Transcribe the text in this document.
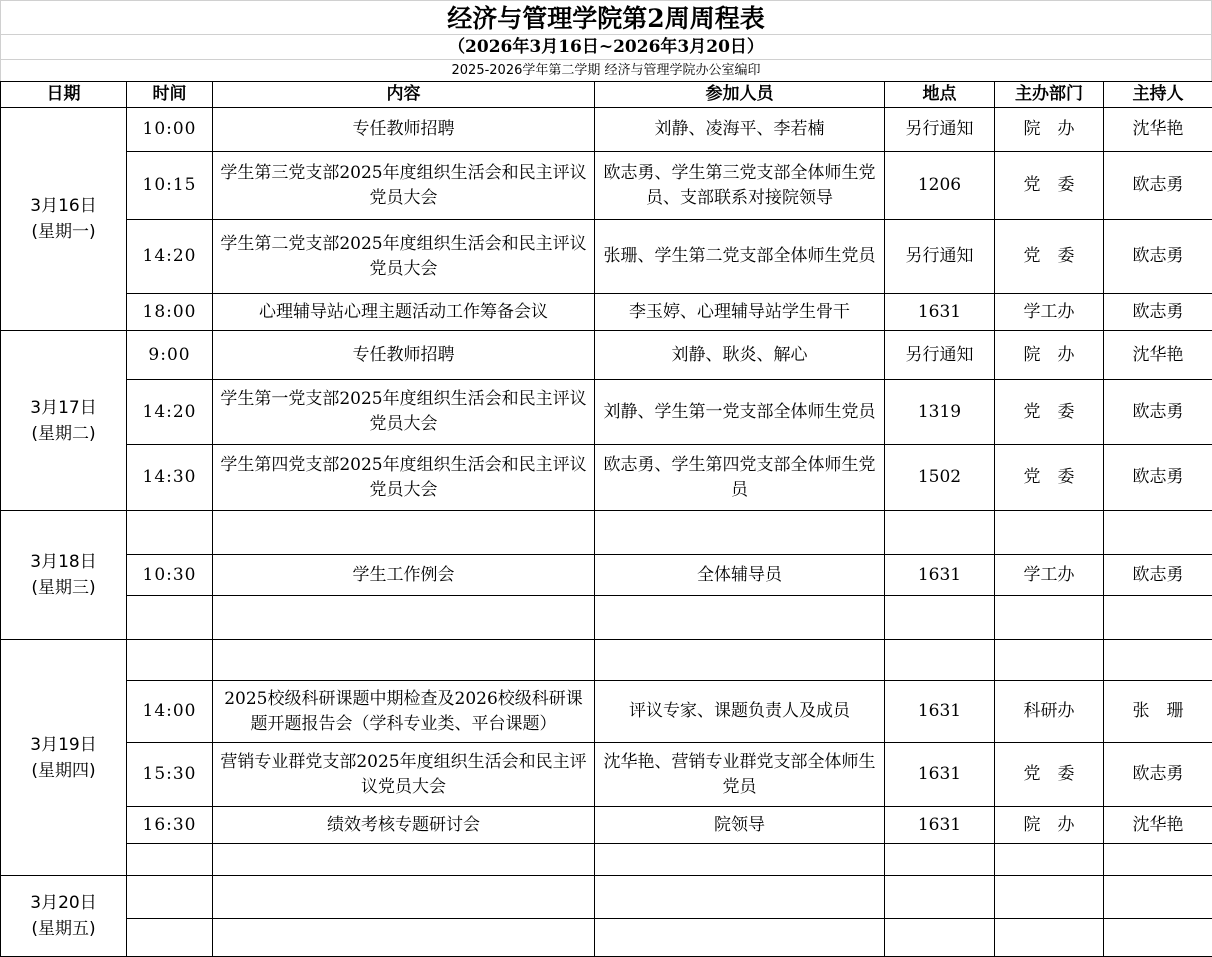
经济与管理学院第2周周程表
（2026年3月16日~2026年3月20日）
2025-2026学年第二学期 经济与管理学院办公室编印
日期	时间	内容	参加人员	地点	主办部门	主持人

3月16日
(星期一)	10:00	专任教师招聘	刘静、凌海平、李若楠	另行通知	院　办	沈华艳
	10:15	学生第三党支部2025年度组织生活会和民主评议党员大会	欧志勇、学生第三党支部全体师生党员、支部联系对接院领导	1206	党　委	欧志勇
	14:20	学生第二党支部2025年度组织生活会和民主评议党员大会	张珊、学生第二党支部全体师生党员	另行通知	党　委	欧志勇
	18:00	心理辅导站心理主题活动工作筹备会议	李玉婷、心理辅导站学生骨干	1631	学工办	欧志勇

3月17日
(星期二)	9:00	专任教师招聘	刘静、耿炎、解心	另行通知	院　办	沈华艳
	14:20	学生第一党支部2025年度组织生活会和民主评议党员大会	刘静、学生第一党支部全体师生党员	1319	党　委	欧志勇
	14:30	学生第四党支部2025年度组织生活会和民主评议党员大会	欧志勇、学生第四党支部全体师生党员	1502	党　委	欧志勇

3月18日
(星期三)						

	10:30	学生工作例会	全体辅导员	1631	学工办	欧志勇

3月19日
(星期四)						

	14:00	2025校级科研课题中期检查及2026校级科研课题开题报告会（学科专业类、平台课题）	评议专家、课题负责人及成员	1631	科研办	张　珊
	15:30	营销专业群党支部2025年度组织生活会和民主评议党员大会	沈华艳、营销专业群党支部全体师生党员	1631	党　委	欧志勇
	16:30	绩效考核专题研讨会	院领导	1631	院　办	沈华艳

3月20日
(星期五)						
